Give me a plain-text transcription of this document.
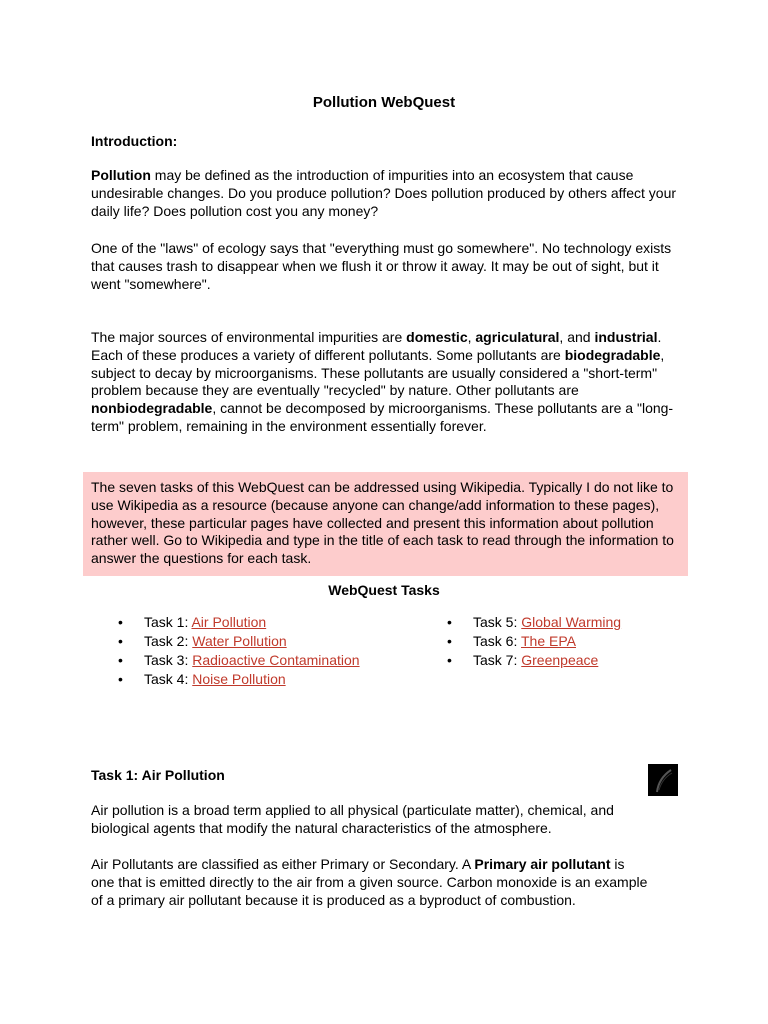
Pollution WebQuest
Introduction:
Pollution may be defined as the introduction of impurities into an ecosystem that cause undesirable changes. Do you produce pollution? Does pollution produced by others affect your daily life? Does pollution cost you any money?
One of the "laws" of ecology says that "everything must go somewhere". No technology exists that causes trash to disappear when we flush it or throw it away. It may be out of sight, but it went "somewhere".
The major sources of environmental impurities are domestic, agriculatural, and industrial. Each of these produces a variety of different pollutants. Some pollutants are biodegradable, subject to decay by microorganisms. These pollutants are usually considered a "short-term" problem because they are eventually "recycled" by nature. Other pollutants are nonbiodegradable, cannot be decomposed by microorganisms. These pollutants are a "long-term" problem, remaining in the environment essentially forever.
The seven tasks of this WebQuest can be addressed using Wikipedia. Typically I do not like to use Wikipedia as a resource (because anyone can change/add information to these pages), however, these particular pages have collected and present this information about pollution rather well. Go to Wikipedia and type in the title of each task to read through the information to answer the questions for each task.
WebQuest Tasks
• Task 1: Air Pollution
• Task 2: Water Pollution
• Task 3: Radioactive Contamination
• Task 4: Noise Pollution
• Task 5: Global Warming
• Task 6: The EPA
• Task 7: Greenpeace
Task 1: Air Pollution
Air pollution is a broad term applied to all physical (particulate matter), chemical, and biological agents that modify the natural characteristics of the atmosphere.
Air Pollutants are classified as either Primary or Secondary. A Primary air pollutant is one that is emitted directly to the air from a given source. Carbon monoxide is an example of a primary air pollutant because it is produced as a byproduct of combustion.
